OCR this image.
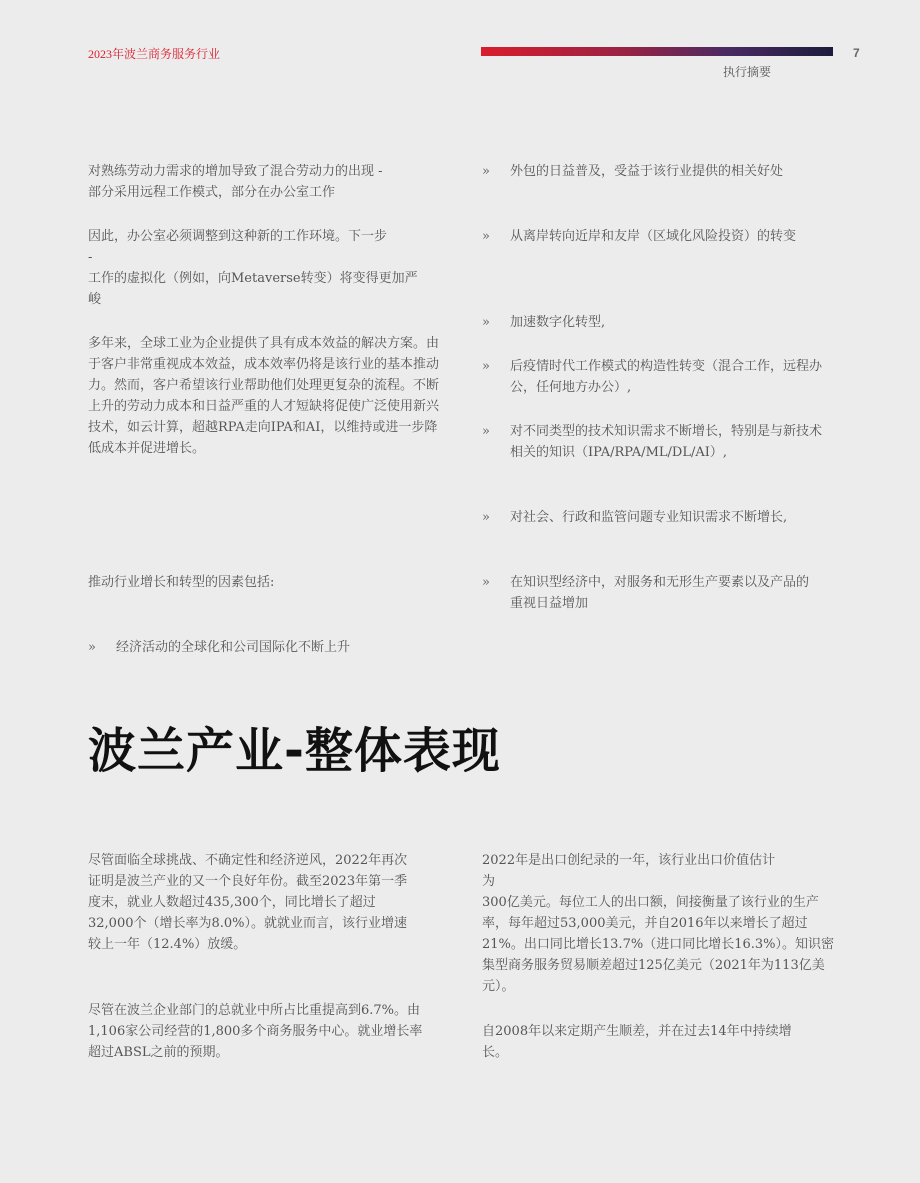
2023年波兰商务服务行业	7
执行摘要

对熟练劳动力需求的增加导致了混合劳动力的出现 - 部分采用远程工作模式，部分在办公室工作

因此，办公室必须调整到这种新的工作环境。下一步 -

工作的虚拟化（例如，向Metaverse转变）将变得更加严峻

多年来，全球工业为企业提供了具有成本效益的解决方案。由于客户非常重视成本效益，成本效率仍将是该行业的基本推动力。然而，客户希望该行业帮助他们处理更复杂的流程。不断上升的劳动力成本和日益严重的人才短缺将促使广泛使用新兴技术，如云计算，超越RPA走向IPA和AI，以维持或进一步降低成本并促进增长。

推动行业增长和转型的因素包括:

» 经济活动的全球化和公司国际化不断上升
» 外包的日益普及，受益于该行业提供的相关好处
» 从离岸转向近岸和友岸（区域化风险投资）的转变
» 加速数字化转型,
» 后疫情时代工作模式的构造性转变（混合工作，远程办公，任何地方办公）,
» 对不同类型的技术知识需求不断增长，特别是与新技术相关的知识（IPA/RPA/ML/DL/AI）,
» 对社会、行政和监管问题专业知识需求不断增长,
» 在知识型经济中，对服务和无形生产要素以及产品的重视日益增加
波兰产业-整体表现

尽管面临全球挑战、不确定性和经济逆风，2022年再次证明是波兰产业的又一个良好年份。截至2023年第一季度末，就业人数超过435,300个，同比增长了超过32,000个（增长率为8.0%）。就就业而言，该行业增速较上一年（12.4%）放缓。

尽管在波兰企业部门的总就业中所占比重提高到6.7%。由1,106家公司经营的1,800多个商务服务中心。就业增长率超过ABSL之前的预期。

2022年是出口创纪录的一年，该行业出口价值估计为

300亿美元。每位工人的出口额，间接衡量了该行业的生产率，每年超过53,000美元，并自2016年以来增长了超过21%。出口同比增长13.7%（进口同比增长16.3%）。知识密集型商务服务贸易顺差超过125亿美元（2021年为113亿美元）。

自2008年以来定期产生顺差，并在过去14年中持续增长。
